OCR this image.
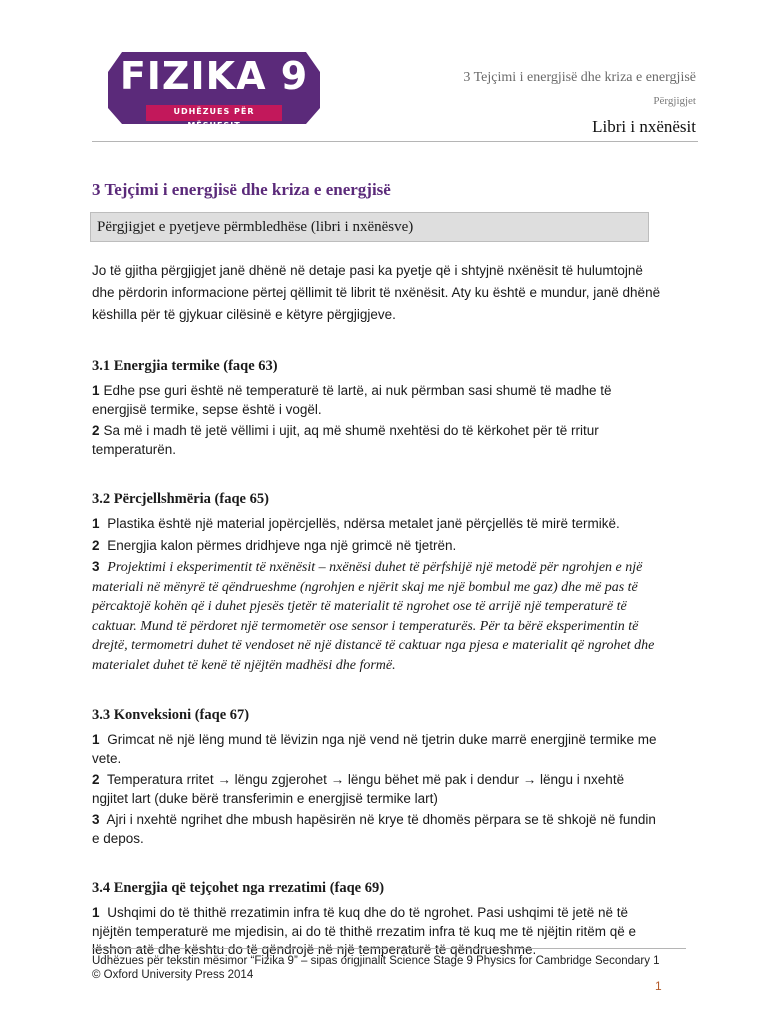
FIZIKA 9
UDHËZUES PËR MËSUESIT
3 Tejçimi i energjisë dhe kriza e energjisë
Përgjigjet
Libri i nxënësit
3 Tejçimi i energjisë dhe kriza e energjisë
Përgjigjet e pyetjeve përmbledhëse (libri i nxënësve)
Jo të gjitha përgjigjet janë dhënë në detaje pasi ka pyetje që i shtyjnë nxënësit të hulumtojnë dhe përdorin informacione përtej qëllimit të librit të nxënësit. Aty ku është e mundur, janë dhënë këshilla për të gjykuar cilësinë e këtyre përgjigjeve.
3.1 Energjia termike (faqe 63)
1 Edhe pse guri është në temperaturë të lartë, ai nuk përmban sasi shumë të madhe të energjisë termike, sepse është i vogël.
2 Sa më i madh të jetë vëllimi i ujit, aq më shumë nxehtësi do të kërkohet për të rritur temperaturën.
3.2 Përcjellshmëria (faqe 65)
1 Plastika është një material jopërcjellës, ndërsa metalet janë përçjellës të mirë termikë.
2 Energjia kalon përmes dridhjeve nga një grimcë në tjetrën.
3 Projektimi i eksperimentit të nxënësit – nxënësi duhet të përfshijë një metodë për ngrohjen e një materiali në mënyrë të qëndrueshme (ngrohjen e njërit skaj me një bombul me gaz) dhe më pas të përcaktojë kohën që i duhet pjesës tjetër të materialit të ngrohet ose të arrijë një temperaturë të caktuar. Mund të përdoret një termometër ose sensor i temperaturës. Për ta bërë eksperimentin të drejtë, termometri duhet të vendoset në një distancë të caktuar nga pjesa e materialit që ngrohet dhe materialet duhet të kenë të njëjtën madhësi dhe formë.
3.3 Konveksioni (faqe 67)
1 Grimcat në një lëng mund të lëvizin nga një vend në tjetrin duke marrë energjinë termike me vete.
2 Temperatura rritet → lëngu zgjerohet → lëngu bëhet më pak i dendur → lëngu i nxehtë ngjitet lart (duke bërë transferimin e energjisë termike lart)
3 Ajri i nxehtë ngrihet dhe mbush hapësirën në krye të dhomës përpara se të shkojë në fundin e depos.
3.4 Energjia që tejçohet nga rrezatimi (faqe 69)
1 Ushqimi do të thithë rrezatimin infra të kuq dhe do të ngrohet. Pasi ushqimi të jetë në të njëjtën temperaturë me mjedisin, ai do të thithë rrezatim infra të kuq me të njëjtin ritëm që e lëshon atë dhe kështu do të qëndrojë në një temperaturë të qëndrueshme.
Udhëzues për tekstin mësimor “Fizika 9” – sipas origjinalit Science Stage 9 Physics for Cambridge Secondary 1
© Oxford University Press 2014
1
